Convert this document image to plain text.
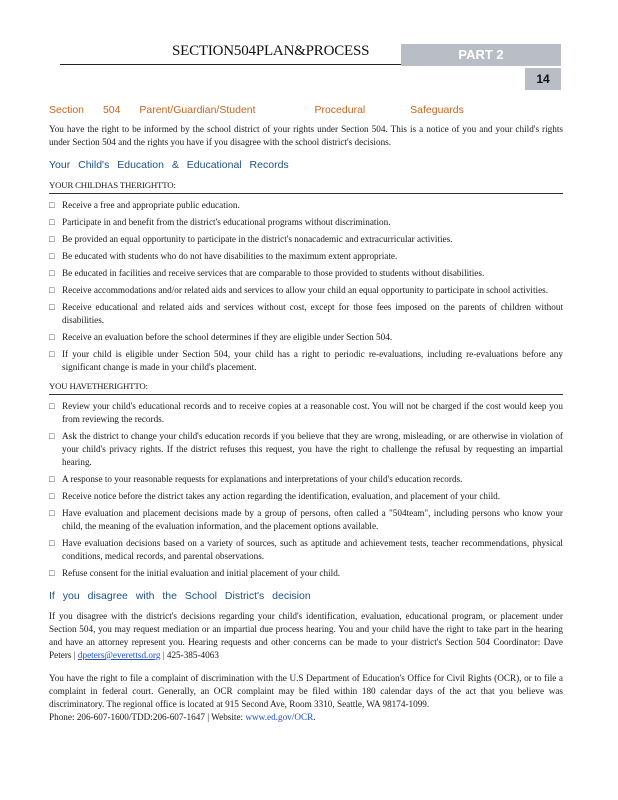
SECTION504PLAN&PROCESS	PART 2
14
Section 504 Parent/Guardian/Student	Procedural Safeguards

You have the right to be informed by the school district of your rights under Section 504. This is a notice of you and your child's rights under Section 504 and the rights you have if you disagree with the school district's decisions.

Your Child's Education & Educational Records
YOUR CHILDHAS THERIGHTTO:
□ Receive a free and appropriate public education.
□ Participate in and benefit from the district's educational programs without discrimination.
□ Be provided an equal opportunity to participate in the district's nonacademic and extracurricular activities.
□ Be educated with students who do not have disabilities to the maximum extent appropriate.
□ Be educated in facilities and receive services that are comparable to those provided to students without disabilities.
□ Receive accommodations and/or related aids and services to allow your child an equal opportunity to participate in school activities.
□ Receive educational and related aids and services without cost, except for those fees imposed on the parents of children without disabilities.
□ Receive an evaluation before the school determines if they are eligible under Section 504.
□ If your child is eligible under Section 504, your child has a right to periodic re-evaluations, including re-evaluations before any significant change is made in your child's placement.
YOU HAVETHERIGHTTO:
□ Review your child's educational records and to receive copies at a reasonable cost. You will not be charged if the cost would keep you from reviewing the records.
□ Ask the district to change your child's education records if you believe that they are wrong, misleading, or are otherwise in violation of your child's privacy rights. If the district refuses this request, you have the right to challenge the refusal by requesting an impartial hearing.
□ A response to your reasonable requests for explanations and interpretations of your child's education records.
□ Receive notice before the district takes any action regarding the identification, evaluation, and placement of your child.
□ Have evaluation and placement decisions made by a group of persons, often called a "504team", including persons who know your child, the meaning of the evaluation information, and the placement options available.
□ Have evaluation decisions based on a variety of sources, such as aptitude and achievement tests, teacher recommendations, physical conditions, medical records, and parental observations.
□ Refuse consent for the initial evaluation and initial placement of your child.
If you disagree with the School District's decision

If you disagree with the district's decisions regarding your child's identification, evaluation, educational program, or placement under Section 504, you may request mediation or an impartial due process hearing. You and your child have the right to take part in the hearing and have an attorney represent you. Hearing requests and other concerns can be made to your district's Section 504 Coordinator: Dave Peters | dpeters@everettsd.org | 425-385-4063

You have the right to file a complaint of discrimination with the U.S Department of Education's Office for Civil Rights (OCR), or to file a complaint in federal court. Generally, an OCR complaint may be filed within 180 calendar days of the act that you believe was discriminatory. The regional office is located at 915 Second Ave, Room 3310, Seattle, WA 98174-1099.
Phone: 206-607-1600/TDD:206-607-1647 | Website: www.ed.gov/OCR.
